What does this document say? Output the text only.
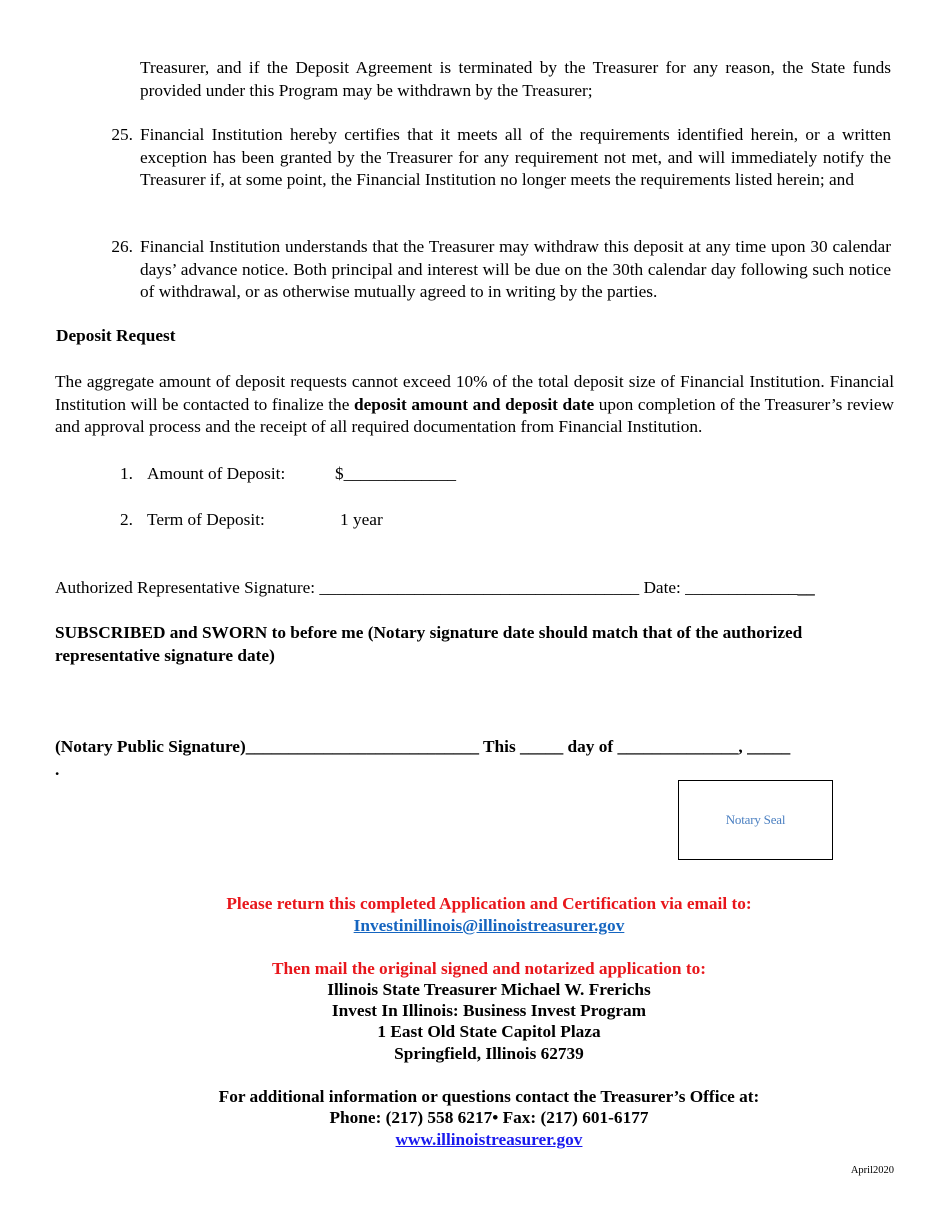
Treasurer, and if the Deposit Agreement is terminated by the Treasurer for any reason, the State funds provided under this Program may be withdrawn by the Treasurer;
25. Financial Institution hereby certifies that it meets all of the requirements identified herein, or a written exception has been granted by the Treasurer for any requirement not met, and will immediately notify the Treasurer if, at some point, the Financial Institution no longer meets the requirements listed herein; and
26. Financial Institution understands that the Treasurer may withdraw this deposit at any time upon 30 calendar days’ advance notice. Both principal and interest will be due on the 30th calendar day following such notice of withdrawal, or as otherwise mutually agreed to in writing by the parties.
Deposit Request
The aggregate amount of deposit requests cannot exceed 10% of the total deposit size of Financial Institution. Financial Institution will be contacted to finalize the deposit amount and deposit date upon completion of the Treasurer’s review and approval process and the receipt of all required documentation from Financial Institution.
1. Amount of Deposit:	$_____________
2. Term of Deposit:	1 year
Authorized Representative Signature: _____________________________________ Date: _______________
SUBSCRIBED and SWORN to before me (Notary signature date should match that of the authorized representative signature date)
(Notary Public Signature)___________________________ This _____ day of ______________, _____
.
Notary Seal
Please return this completed Application and Certification via email to:
Investinillinois@illinoistreasurer.gov
Then mail the original signed and notarized application to:
Illinois State Treasurer Michael W. Frerichs
Invest In Illinois: Business Invest Program
1 East Old State Capitol Plaza
Springfield, Illinois 62739
For additional information or questions contact the Treasurer’s Office at:
Phone: (217) 558 6217• Fax: (217) 601-6177
www.illinoistreasurer.gov
April2020
